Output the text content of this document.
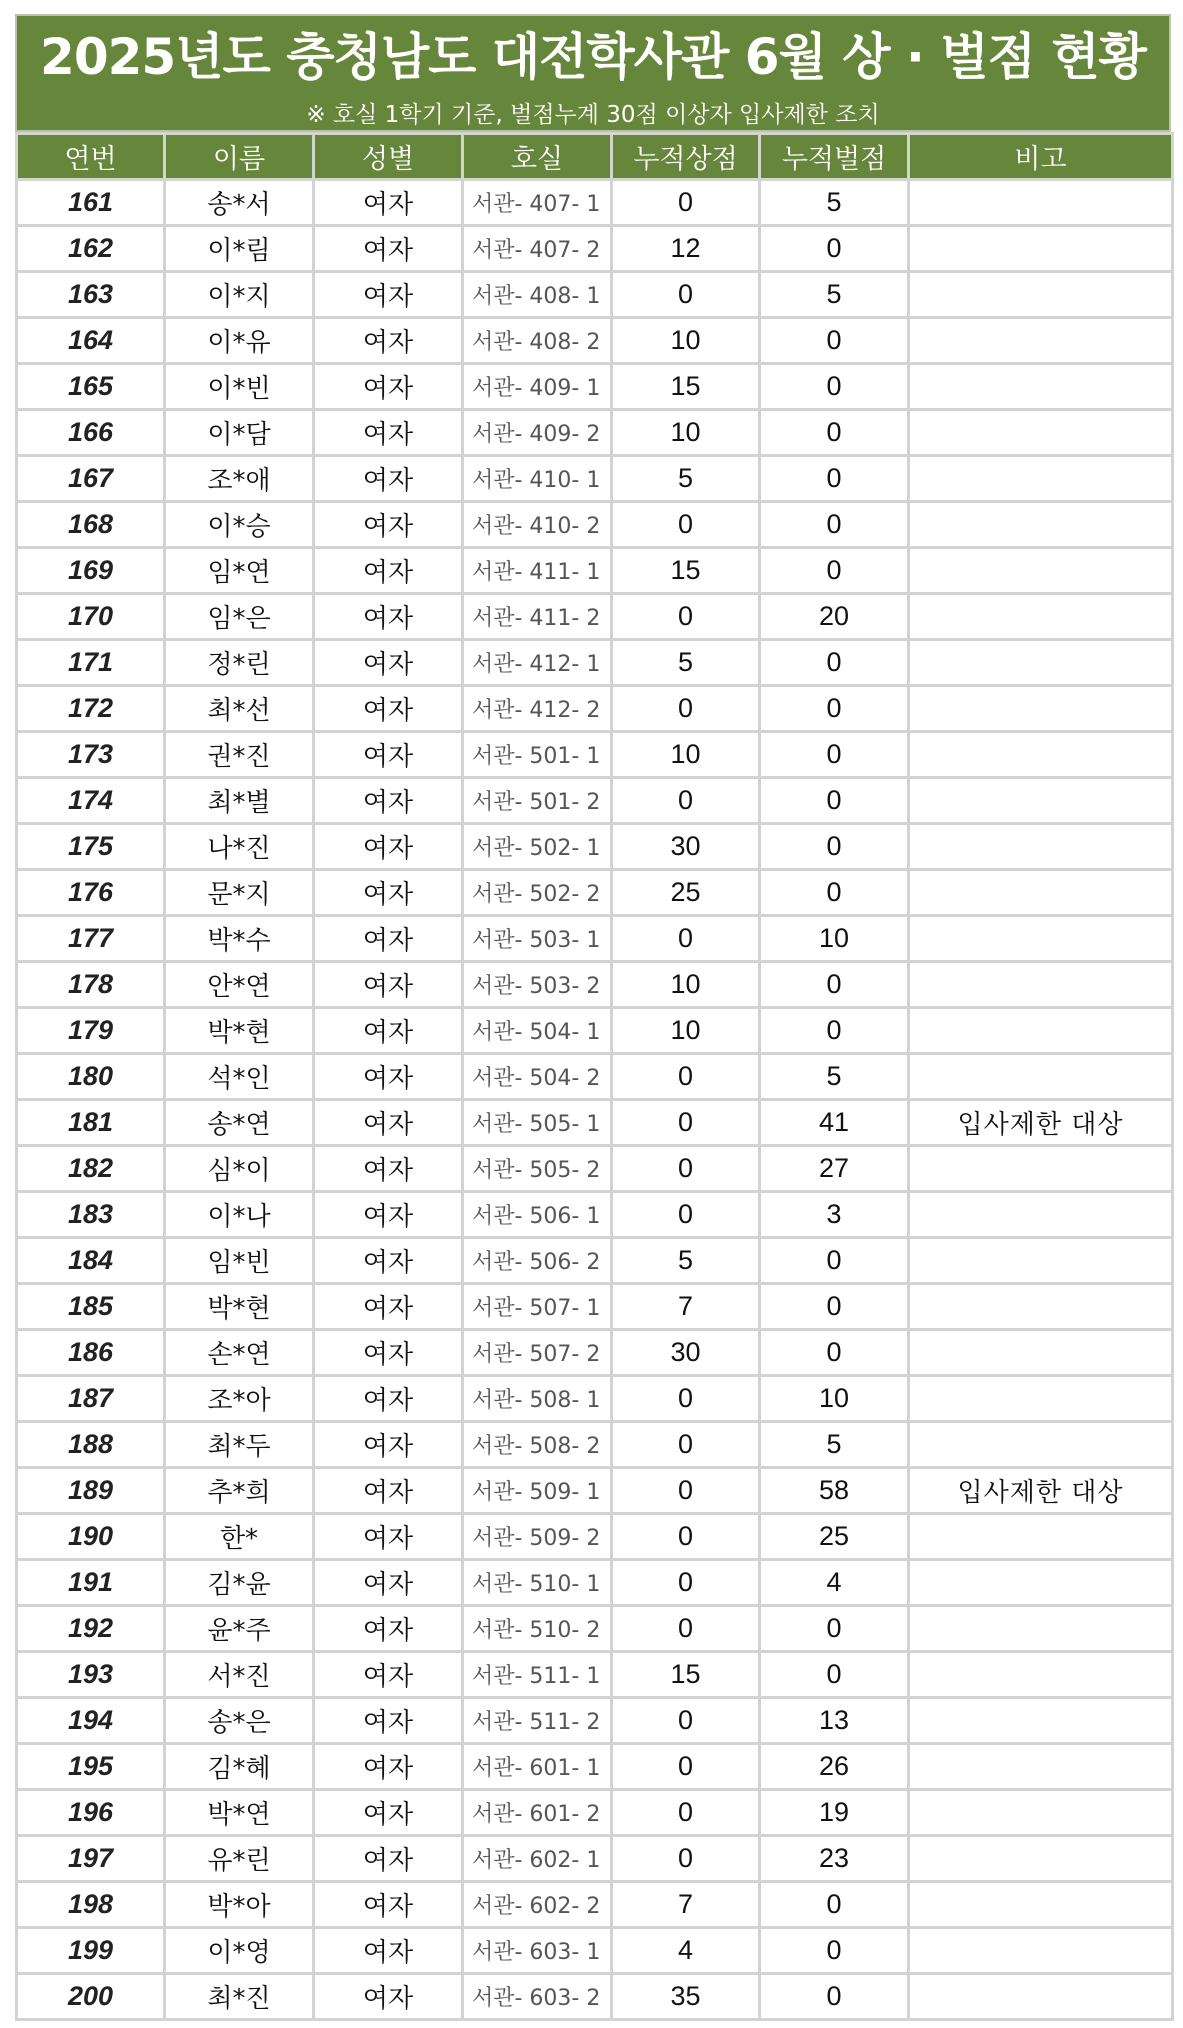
2025년도 충청남도 대전학사관 6월 상 · 벌점 현황
※ 호실 1학기 기준, 벌점누계 30점 이상자 입사제한 조치
연번	이름	성별	호실	누적상점	누적벌점	비고
161	송*서	여자	서관- 407- 1	0	5	
162	이*림	여자	서관- 407- 2	12	0	
163	이*지	여자	서관- 408- 1	0	5	
164	이*유	여자	서관- 408- 2	10	0	
165	이*빈	여자	서관- 409- 1	15	0	
166	이*담	여자	서관- 409- 2	10	0	
167	조*애	여자	서관- 410- 1	5	0	
168	이*승	여자	서관- 410- 2	0	0	
169	임*연	여자	서관- 411- 1	15	0	
170	임*은	여자	서관- 411- 2	0	20	
171	정*린	여자	서관- 412- 1	5	0	
172	최*선	여자	서관- 412- 2	0	0	
173	권*진	여자	서관- 501- 1	10	0	
174	최*별	여자	서관- 501- 2	0	0	
175	나*진	여자	서관- 502- 1	30	0	
176	문*지	여자	서관- 502- 2	25	0	
177	박*수	여자	서관- 503- 1	0	10	
178	안*연	여자	서관- 503- 2	10	0	
179	박*현	여자	서관- 504- 1	10	0	
180	석*인	여자	서관- 504- 2	0	5	
181	송*연	여자	서관- 505- 1	0	41	입사제한 대상
182	심*이	여자	서관- 505- 2	0	27	
183	이*나	여자	서관- 506- 1	0	3	
184	임*빈	여자	서관- 506- 2	5	0	
185	박*현	여자	서관- 507- 1	7	0	
186	손*연	여자	서관- 507- 2	30	0	
187	조*아	여자	서관- 508- 1	0	10	
188	최*두	여자	서관- 508- 2	0	5	
189	추*희	여자	서관- 509- 1	0	58	입사제한 대상
190	한*	여자	서관- 509- 2	0	25	
191	김*윤	여자	서관- 510- 1	0	4	
192	윤*주	여자	서관- 510- 2	0	0	
193	서*진	여자	서관- 511- 1	15	0	
194	송*은	여자	서관- 511- 2	0	13	
195	김*혜	여자	서관- 601- 1	0	26	
196	박*연	여자	서관- 601- 2	0	19	
197	유*린	여자	서관- 602- 1	0	23	
198	박*아	여자	서관- 602- 2	7	0	
199	이*영	여자	서관- 603- 1	4	0	
200	최*진	여자	서관- 603- 2	35	0	
